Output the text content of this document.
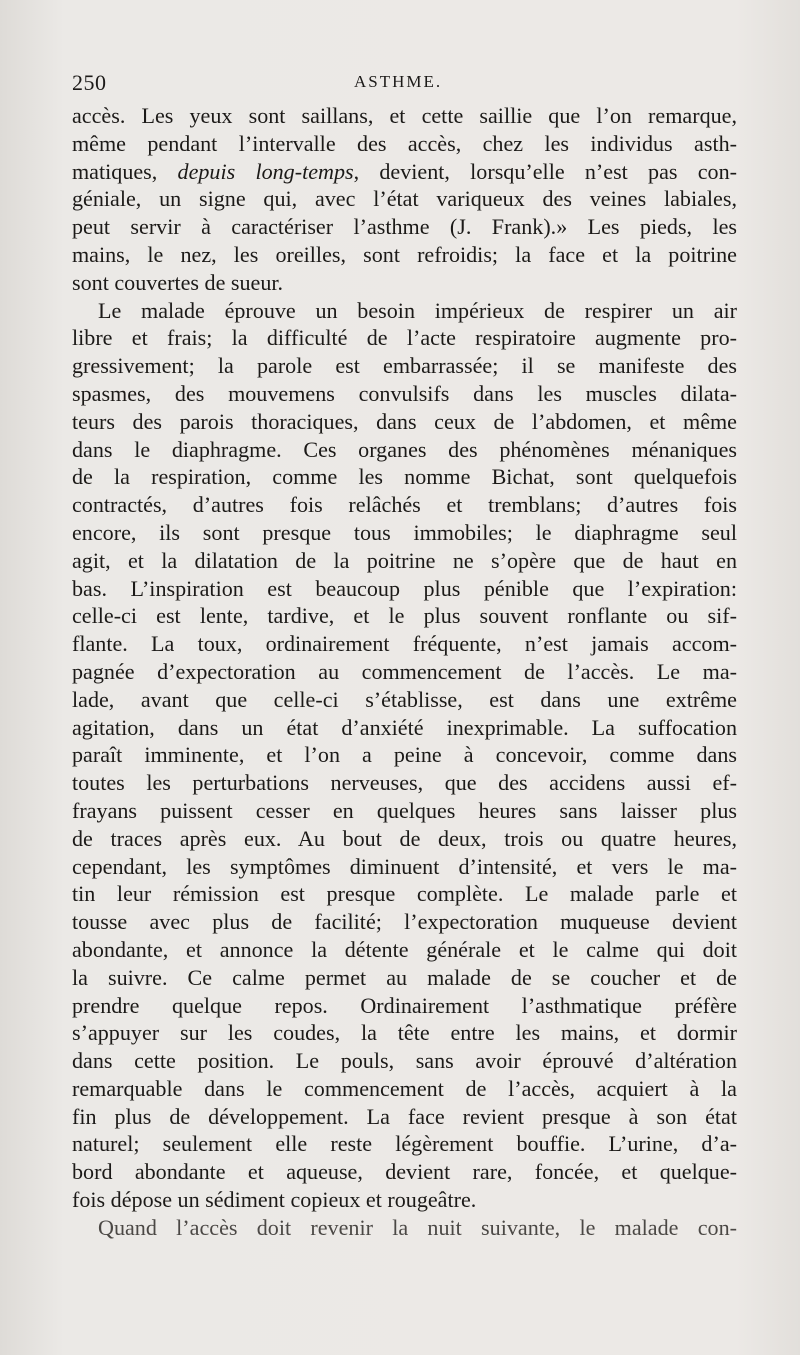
250	ASTHME.
accès. Les yeux sont saillans, et cette saillie que l’on remarque,
même pendant l’intervalle des accès, chez les individus asth-
matiques, depuis long-temps, devient, lorsqu’elle n’est pas con-
géniale, un signe qui, avec l’état variqueux des veines labiales,
peut servir à caractériser l’asthme (J. Frank).» Les pieds, les
mains, le nez, les oreilles, sont refroidis; la face et la poitrine
sont couvertes de sueur.
Le malade éprouve un besoin impérieux de respirer un air
libre et frais; la difficulté de l’acte respiratoire augmente pro-
gressivement; la parole est embarrassée; il se manifeste des
spasmes, des mouvemens convulsifs dans les muscles dilata-
teurs des parois thoraciques, dans ceux de l’abdomen, et même
dans le diaphragme. Ces organes des phénomènes ménaniques
de la respiration, comme les nomme Bichat, sont quelquefois
contractés, d’autres fois relâchés et tremblans; d’autres fois
encore, ils sont presque tous immobiles; le diaphragme seul
agit, et la dilatation de la poitrine ne s’opère que de haut en
bas. L’inspiration est beaucoup plus pénible que l’expiration:
celle-ci est lente, tardive, et le plus souvent ronflante ou sif-
flante. La toux, ordinairement fréquente, n’est jamais accom-
pagnée d’expectoration au commencement de l’accès. Le ma-
lade, avant que celle-ci s’établisse, est dans une extrême
agitation, dans un état d’anxiété inexprimable. La suffocation
paraît imminente, et l’on a peine à concevoir, comme dans
toutes les perturbations nerveuses, que des accidens aussi ef-
frayans puissent cesser en quelques heures sans laisser plus
de traces après eux. Au bout de deux, trois ou quatre heures,
cependant, les symptômes diminuent d’intensité, et vers le ma-
tin leur rémission est presque complète. Le malade parle et
tousse avec plus de facilité; l’expectoration muqueuse devient
abondante, et annonce la détente générale et le calme qui doit
la suivre. Ce calme permet au malade de se coucher et de
prendre quelque repos. Ordinairement l’asthmatique préfère
s’appuyer sur les coudes, la tête entre les mains, et dormir
dans cette position. Le pouls, sans avoir éprouvé d’altération
remarquable dans le commencement de l’accès, acquiert à la
fin plus de développement. La face revient presque à son état
naturel; seulement elle reste légèrement bouffie. L’urine, d’a-
bord abondante et aqueuse, devient rare, foncée, et quelque-
fois dépose un sédiment copieux et rougeâtre.
Quand l’accès doit revenir la nuit suivante, le malade con-
